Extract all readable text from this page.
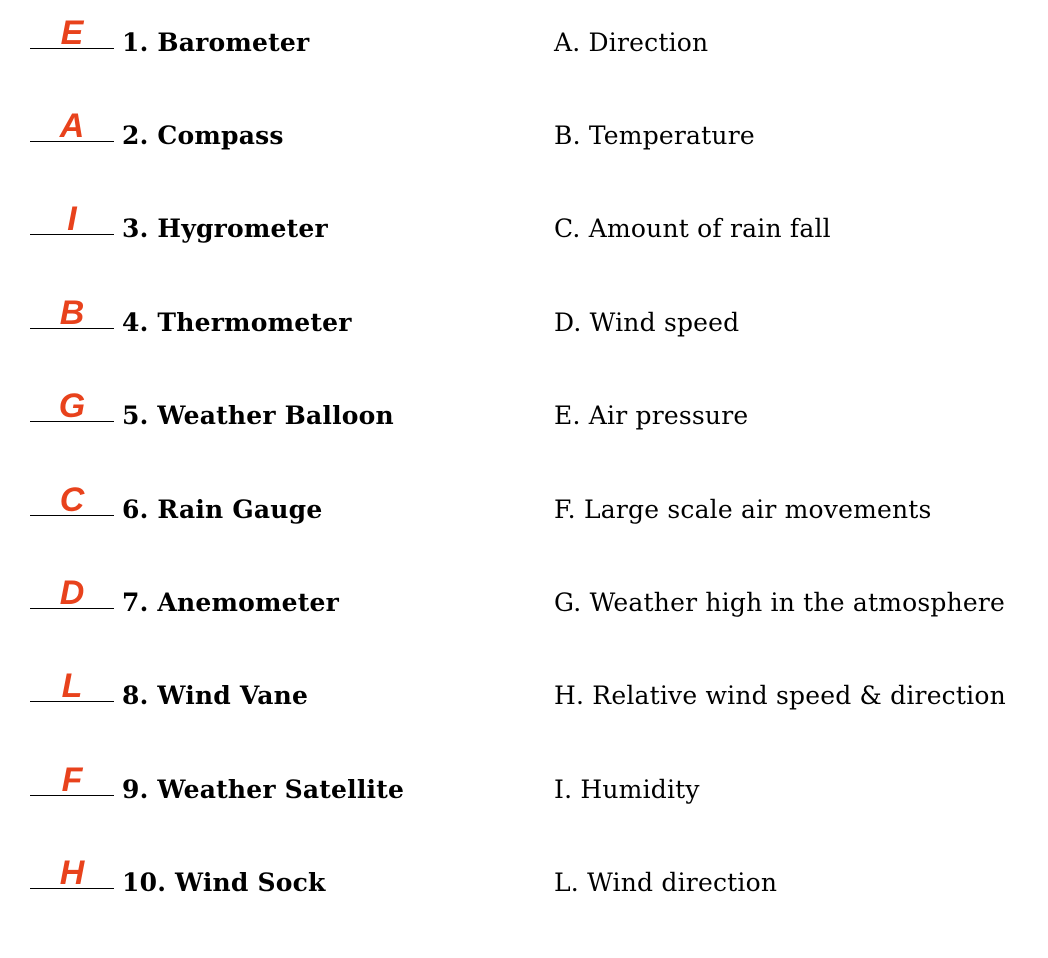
E	1. Barometer	A. Direction
A	2. Compass	B. Temperature
I	3. Hygrometer	C. Amount of rain fall
B	4. Thermometer	D. Wind speed
G	5. Weather Balloon	E. Air pressure
C	6. Rain Gauge	F. Large scale air movements
D	7. Anemometer	G. Weather high in the atmosphere
L	8. Wind Vane	H. Relative wind speed & direction
F	9. Weather Satellite	I. Humidity
H	10. Wind Sock	L. Wind direction
